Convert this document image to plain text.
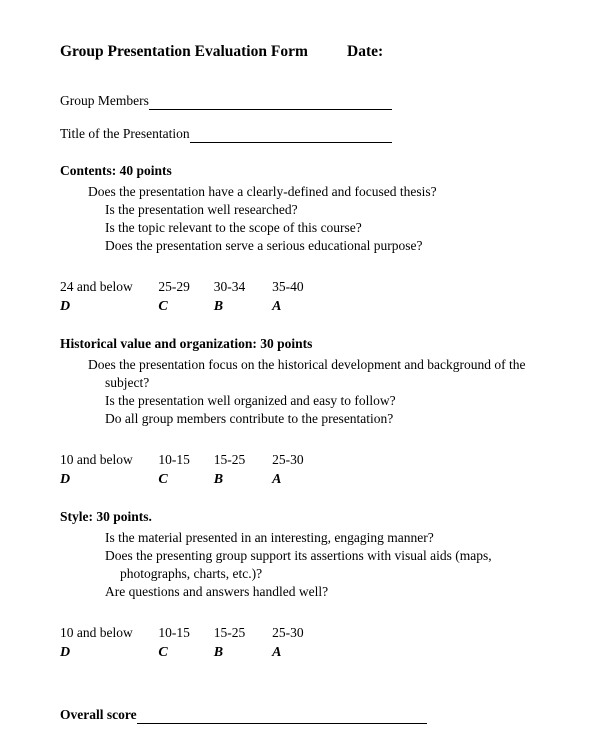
Group Presentation Evaluation Form	Date:
Group Members
Title of the Presentation
Contents: 40 points

Does the presentation have a clearly-defined and focused thesis?

Is the presentation well researched?

Is the topic relevant to the scope of this course?

Does the presentation serve a serious educational purpose?

24 and below 25-29 30-34 35-40
D	C	B	A
Historical value and organization: 30 points

Does the presentation focus on the historical development and background of the subject?

Is the presentation well organized and easy to follow?

Do all group members contribute to the presentation?

10 and below 10-15 15-25 25-30
D	C	B	A
Style: 30 points.

Is the material presented in an interesting, engaging manner?

Does the presenting group support its assertions with visual aids (maps, photographs, charts, etc.)?

Are questions and answers handled well?

10 and below 10-15 15-25 25-30
D	C	B	A
Overall score
